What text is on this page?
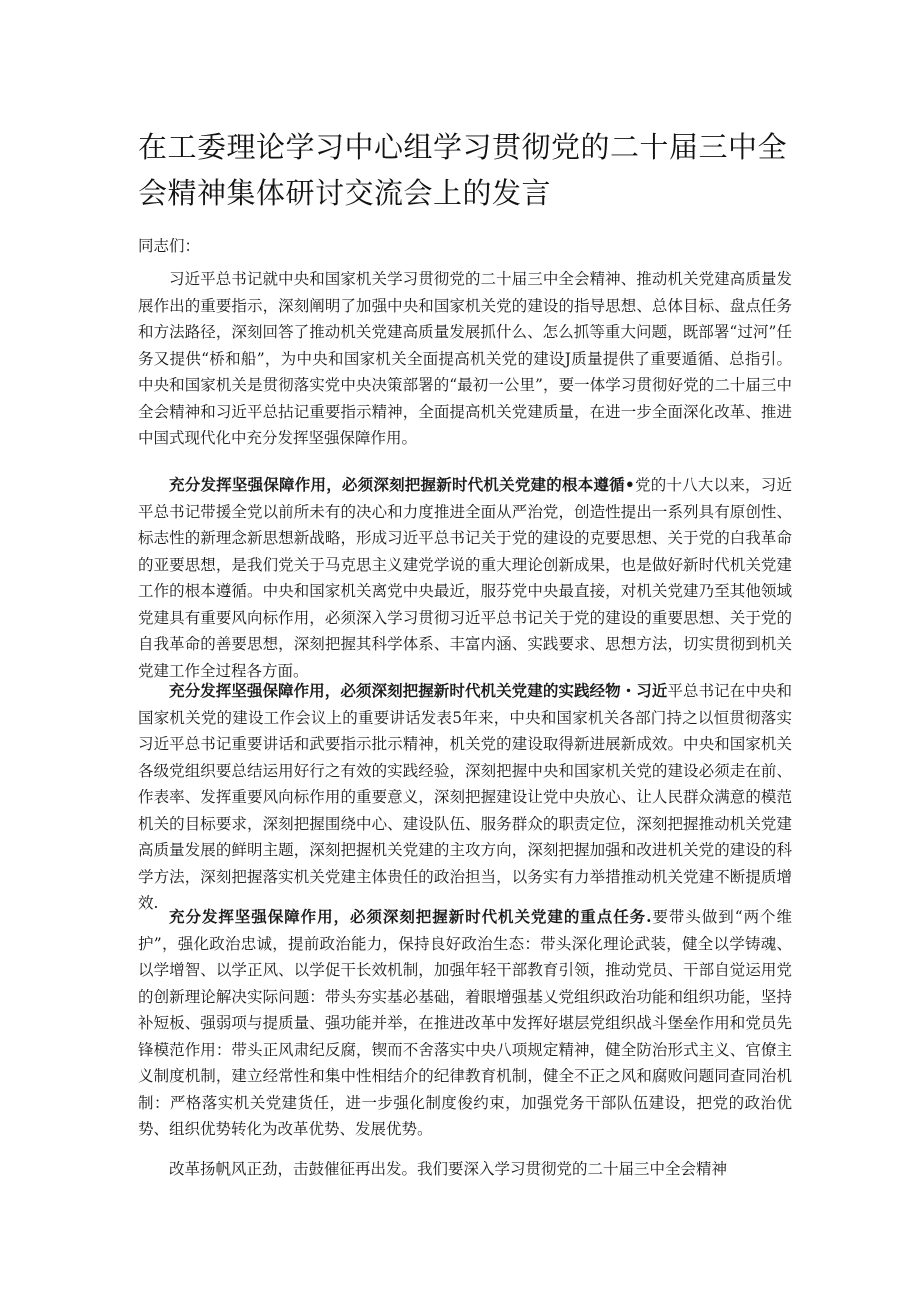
在工委理论学习中心组学习贯彻党的二十届三中全会精神集体研讨交流会上的发言

同志们：

习近平总书记就中央和国家机关学习贯彻党的二十届三中全会精神、推动机关党建高质量发展作出的重要指示，深刻阐明了加强中央和国家机关党的建设的指导思想、总体目标、盘点任务和方法路径，深刻回答了推动机关党建高质量发展抓什么、怎么抓等重大问题，既部署“过河”任务又提供“桥和船”，为中央和国家机关全面提高机关党的建设J质量提供了重要遁循、总指引。中央和国家机关是贯彻落实党中央决策部署的“最初一公里”，要一体学习贯彻好党的二十届三中全会精神和习近平总拈记重要指示精神，全面提高机关党建质量，在进一步全面深化改革、推进中国式现代化中充分发挥坚强保障作用。

充分发挥坚强保障作用，必须深刻把握新时代机关党建的根本遵循•党的十八大以来，习近平总书记带援全党以前所未有的决心和力度推进全面从严治党，创造性提出一系列具有原创性、标志性的新理念新思想新战略，形成习近平总书记关于党的建设的克要思想、关于党的白我革命的亚要思想，是我们党关于马克思主义建党学说的重大理论创新成果，也是做好新时代机关党建工作的根本遵循。中央和国家机关离党中央最近，服芬党中央最直接，对机关党建乃至其他领域党建具有重要风向标作用，必须深入学习贯彻习近平总书记关于党的建设的重要思想、关于党的自我革命的善要思想，深刻把握其科学体系、丰富内涵、实践要求、思想方法，切实贯彻到机关党建工作全过程各方面。

充分发挥坚强保障作用，必须深刻把握新时代机关党建的实践经物・习近平总书记在中央和国家机关党的建设工作会议上的重要讲话发表5年来，中央和国家机关各部门持之以恒贯彻落实习近平总书记重要讲话和武要指示批示精神，机关党的建设取得新进展新成效。中央和国家机关各级党组织要总结运用好行之有效的实践经验，深刻把握中央和国家机关党的建设必须走在前、作表率、发挥重要风向标作用的重要意义，深刻把握建设让党中央放心、让人民群众满意的模范机关的目标要求，深刻把握围绕中心、建设队伍、服务群众的职责定位，深刻把握推动机关党建高质量发展的鲜明主题，深刻把握机关党建的主攻方向，深刻把握加强和改进机关党的建设的科学方法，深刻把握落实机关党建主体贵任的政治担当，以务实有力举措推动机关党建不断提质增效.

充分发挥坚强保障作用，必须深刻把握新时代机关党建的重点任务.要带头做到“两个维护”，强化政治忠诚，提前政治能力，保持良好政治生态：带头深化理论武装，健全以学铸魂、以学增智、以学正风、以学促干长效机制，加强年轻干部教育引领，推动党员、干部自觉运用党的创新理论解决实际问题：带头夯实基必基础，着眼增强基乂党组织政治功能和组织功能，坚持补短板、强弱项与提质量、强功能并举，在推进改革中发挥好堪层党组织战斗堡垒作用和党员先锋模范作用：带头正风肃纪反腐，锲而不舍落实中央八项规定精神，健全防治形式主义、官僚主义制度机制，建立经常性和集中性相结介的纪律教育机制，健全不正之风和腐败问题同查同治机制：严格落实机关党建货任，进一步强化制度俊约束，加强党务干部队伍建设，把党的政治优势、组织优势转化为改革优势、发展优势。

改革扬帆风正劲，击鼓催征再出发。我们要深入学习贯彻党的二十届三中全会精神
